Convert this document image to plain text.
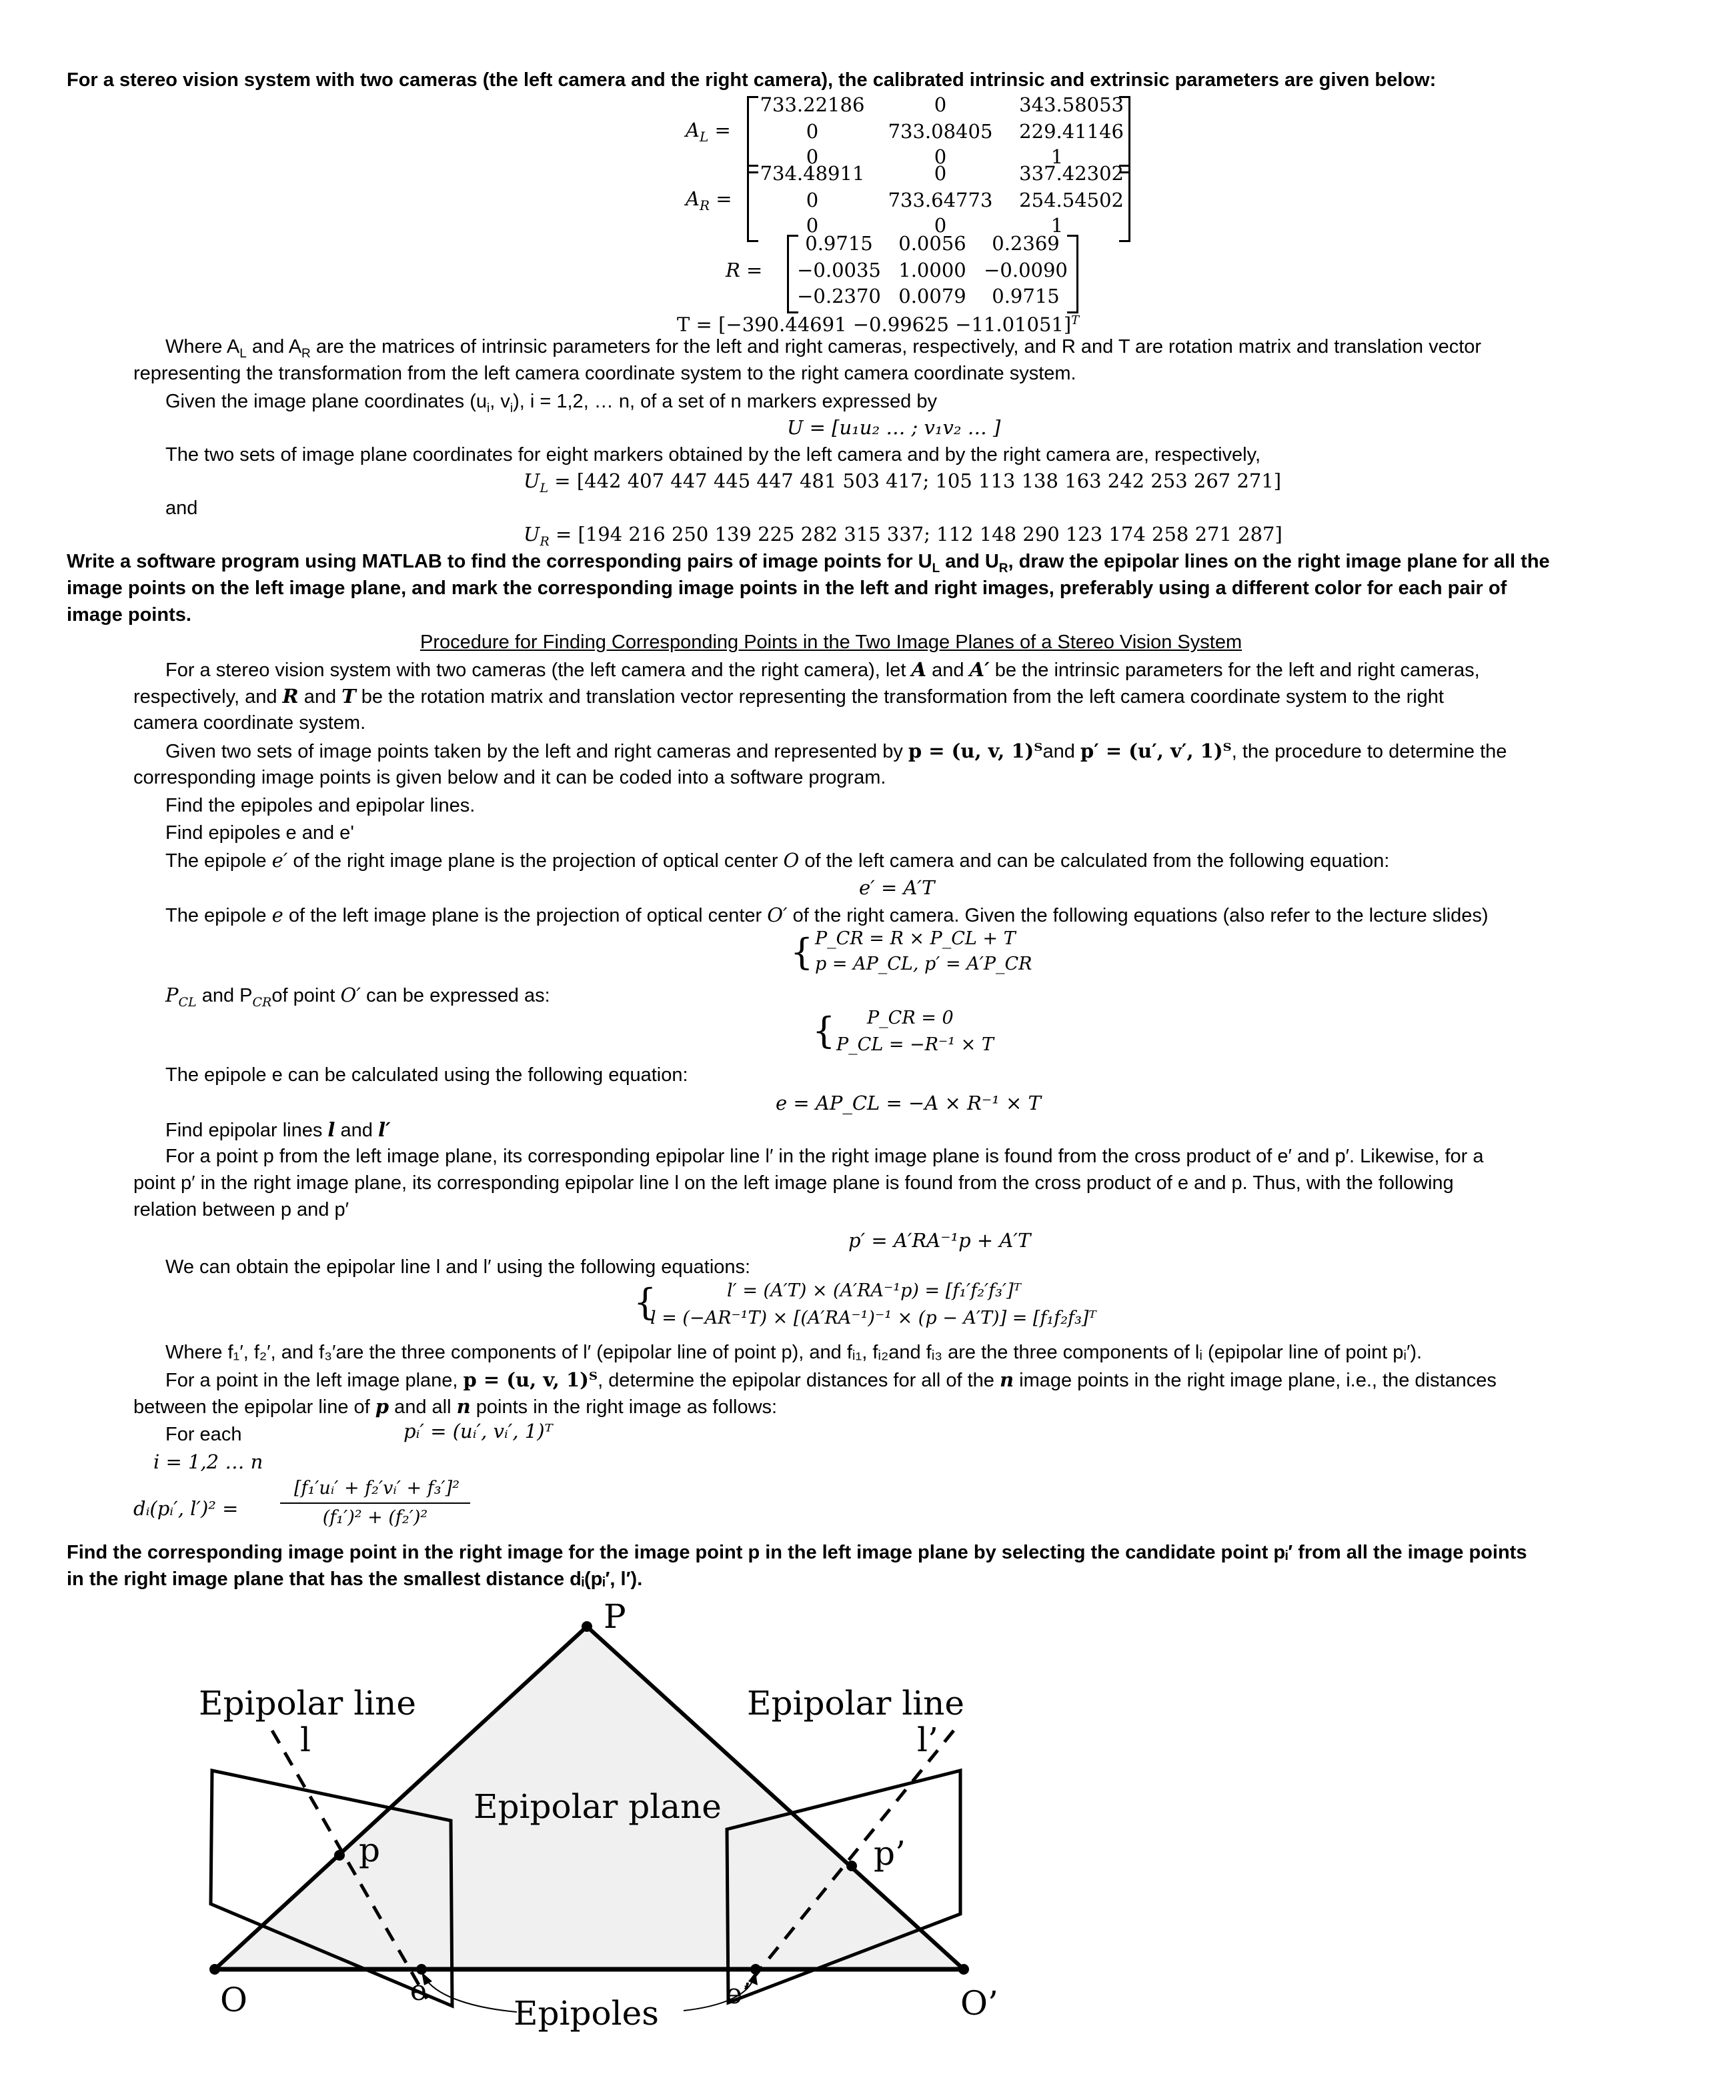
For a stereo vision system with two cameras (the left camera and the right camera), the calibrated intrinsic and extrinsic parameters are given below:
$A_L$ =
733.22186	0	343.58053
0	733.08405	229.41146
0	0	1
$A_R$ =
734.48911	0	337.42302
0	733.64773	254.54502
0	0	1
R =
0.9715	0.0056	0.2369
−0.0035 1.0000 −0.0090
−0.2370 0.0079	0.9715
$T = [-390.44691 -0.99625 -11.01051]^T$
Where $A_L$ and $A_R$ are the matrices of intrinsic parameters for the left and right cameras, respectively, and R and T are rotation matrix and translation vector
representing the transformation from the left camera coordinate system to the right camera coordinate system.
Given the image plane coordinates ($u_i$, $v_i$), i = 1,2, … n, of a set of n markers expressed by
U = [u₁u₂ … ; v₁v₂ … ]
The two sets of image plane coordinates for eight markers obtained by the left camera and by the right camera are, respectively,
$U_L = [442$ 407 447 445 447 481 503 417; 105 113 138 163 242 253 267 271]
and
$U_R = [194$ 216 250 139 225 282 315 337; 112 148 290 123 174 258 271 287]
Write a software program using MATLAB to find the corresponding pairs of image points for $U_L$ and $U_R$, draw the epipolar lines on the right image plane for all the
image points on the left image plane, and mark the corresponding image points in the left and right images, preferably using a different color for each pair of
image points.
Procedure for Finding Corresponding Points in the Two Image Planes of a Stereo Vision System
For a stereo vision system with two cameras (the left camera and the right camera), let A and A′ be the intrinsic parameters for the left and right cameras,
respectively, and R and T be the rotation matrix and translation vector representing the transformation from the left camera coordinate system to the right
camera coordinate system.
Given two sets of image points taken by the left and right cameras and represented by p = (u, v, 1)ᵀand p′ = (u′, v′, 1)ᵀ, the procedure to determine the
corresponding image points is given below and it can be coded into a software program.
Find the epipoles and epipolar lines.
Find epipoles e and e'
The epipole e′ of the right image plane is the projection of optical center O of the left camera and can be calculated from the following equation:
e′ = A′T
The epipole e of the left image plane is the projection of optical center O′ of the right camera. Given the following equations (also refer to the lecture slides)
{ P_CR = R × P_CL + T
p = AP_CL, p′ = A′P_CR
$P_{CL}$ and $P_{CR}of$ point O′ can be expressed as:
{ P_CR = 0
P_CL = −R⁻¹ × T
The epipole e can be calculated using the following equation:
e = AP_CL = −A × R⁻¹ × T
Find epipolar lines l and l′
For a point p from the left image plane, its corresponding epipolar line l′ in the right image plane is found from the cross product of e′ and p′. Likewise, for a
point p′ in the right image plane, its corresponding epipolar line l on the left image plane is found from the cross product of e and p. Thus, with the following
relation between p and p′
p′ = A′RA⁻¹p + A′T
We can obtain the epipolar line l and l′ using the following equations:
{	l′ = (A′T) × (A′RA⁻¹p) = [f₁′f₂′f₃′]ᵀ
l = (−AR⁻¹T) × [(A′RA⁻¹)⁻¹ × (p − A′T)] = [f₁f₂f₃]ᵀ
Where f₁′, f₂′, and f₃′are the three components of l′ (epipolar line of point p), and fᵢ₁, fᵢ₂and fᵢ₃ are the three components of lᵢ (epipolar line of point pᵢ′).
For a point in the left image plane, p = (u, v, 1)ᵀ, determine the epipolar distances for all of the n image points in the right image plane, i.e., the distances
between the epipolar line of p and all n points in the right image as follows:
For each	pᵢ′ = (uᵢ′, vᵢ′, 1)ᵀ
i = 1,2 … n
dᵢ(pᵢ′, l′)² =
[f₁′uᵢ′ + f₂′vᵢ′ + f₃′]²
(f₁′)² + (f₂′)²
Find the corresponding image point in the right image for the image point p in the left image plane by selecting the candidate point pᵢ′ from all the image points
in the right image plane that has the smallest distance dᵢ(pᵢ′, l′).
P
Epipolar line
l
Epipolar line
l’
Epipolar plane
p	p’
O	e
Epipoles
e’	O’
